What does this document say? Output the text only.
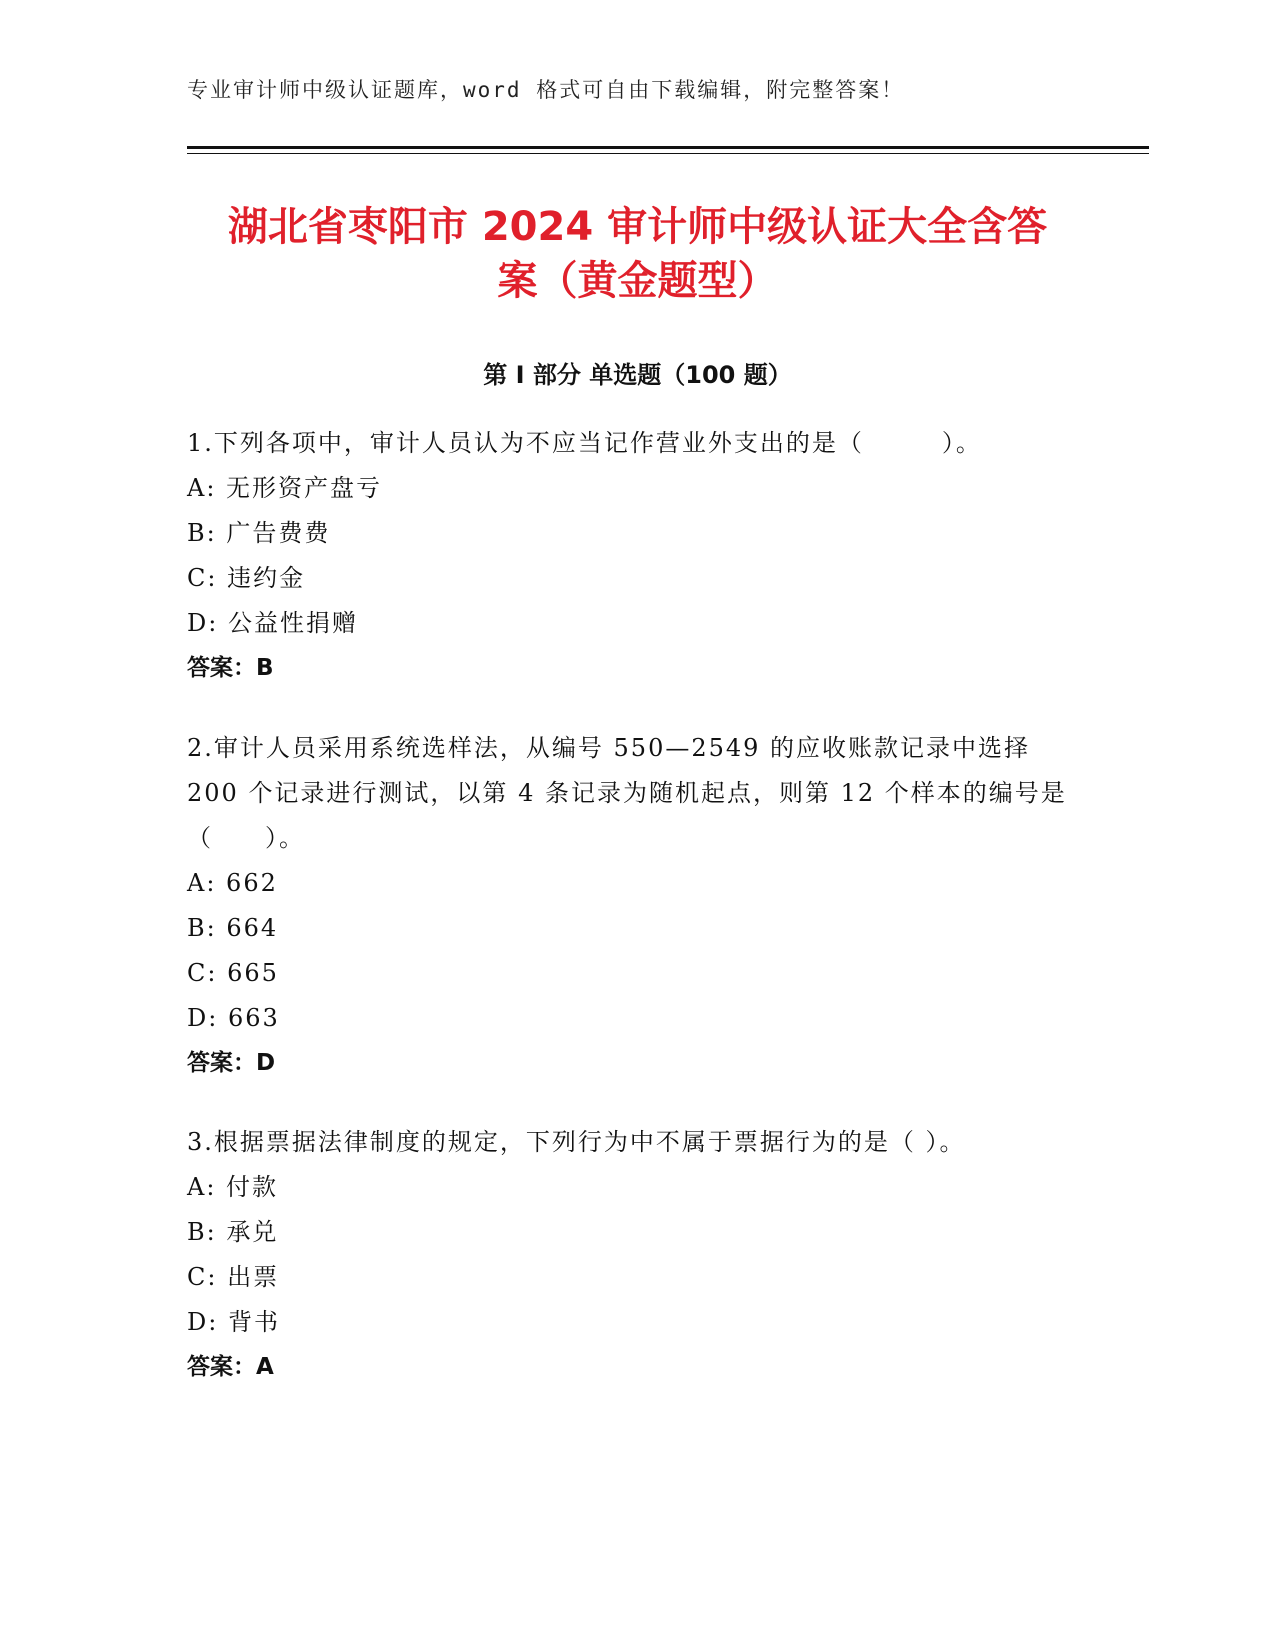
专业审计师中级认证题库，word 格式可自由下载编辑，附完整答案！
湖北省枣阳市 2024 审计师中级认证大全含答
案（黄金题型）
第 I 部分 单选题（100 题）

1.下列各项中，审计人员认为不应当记作营业外支出的是（　　　）。

A: 无形资产盘亏

B: 广告费费

C: 违约金

D: 公益性捐赠

答案：B

2.审计人员采用系统选样法，从编号 550—2549 的应收账款记录中选择 200 个记录进行测试，以第 4 条记录为随机起点，则第 12 个样本的编号是（　　）。

A: 662

B: 664

C: 665

D: 663

答案：D

3.根据票据法律制度的规定，下列行为中不属于票据行为的是（ ）。

A: 付款

B: 承兑

C: 出票

D: 背书

答案：A
